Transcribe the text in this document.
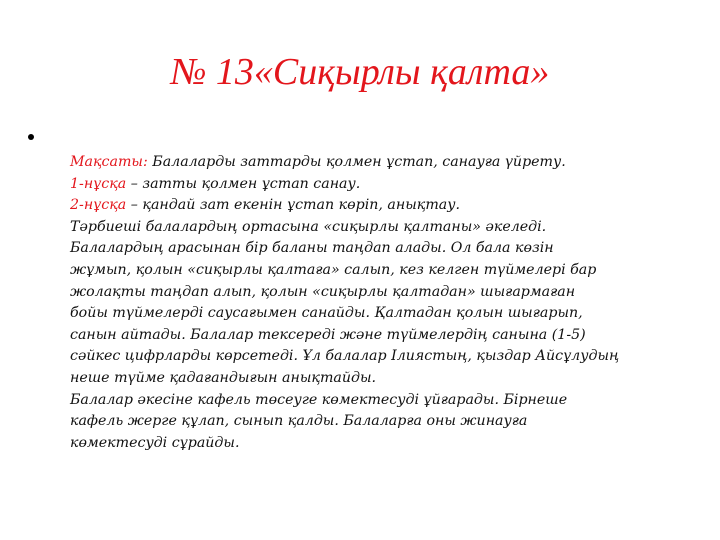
№ 13«Сиқырлы қалта»
Мақсаты: Балаларды заттарды қолмен ұстап, санауға үйрету.
1-нұсқа – затты қолмен ұстап санау.
2-нұсқа – қандай зат екенін ұстап көріп, анықтау.
Тәрбиеші балалардың ортасына «сиқырлы қалтаны» әкеледі.
Балалардың арасынан бір баланы таңдап алады. Ол бала көзін
жұмып, қолын «сиқырлы қалтаға» салып, кез келген түймелері бар
жолақты таңдап алып, қолын «сиқырлы қалтадан» шығармаған
бойы түймелерді саусағымен санайды. Қалтадан қолын шығарып,
санын айтады. Балалар тексереді және түймелердің санына (1-5)
сәйкес цифрларды көрсетеді. Ұл балалар Ілиястың, қыздар Айсұлудың
неше түйме қадағандығын анықтайды.
Балалар әкесіне кафель төсеуге көмектесуді ұйғарады. Бірнеше
кафель жерге құлап, сынып қалды. Балаларға оны жинауға
көмектесуді сұрайды.
